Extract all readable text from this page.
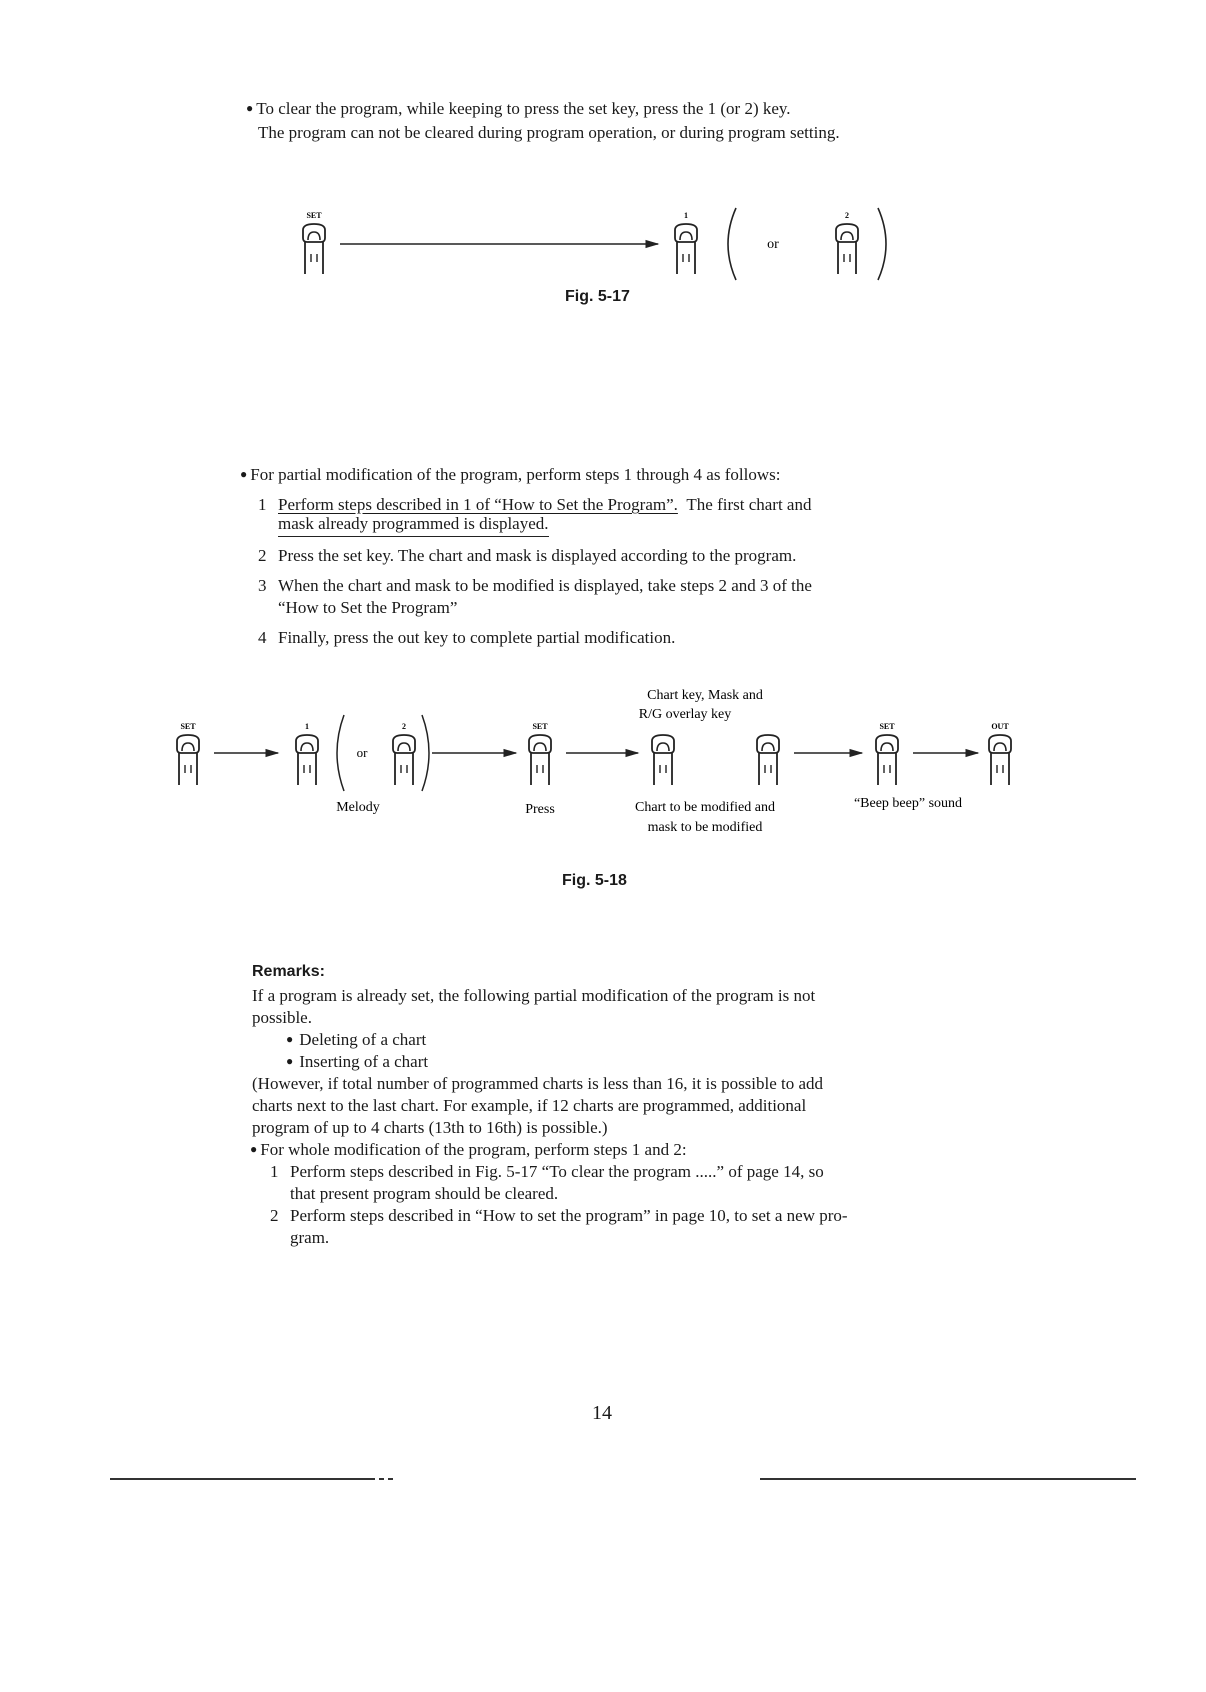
● To clear the program, while keeping to press the set key, press the 1 (or 2) key.
The program can not be cleared during program operation, or during program setting.
SET	1
or
2
Fig. 5-17
● For partial modification of the program, perform steps 1 through 4 as follows:
1 Perform steps described in 1 of “How to Set the Program”. The first chart and
mask already programmed is displayed.
2 Press the set key. The chart and mask is displayed according to the program.
3 When the chart and mask to be modified is displayed, take steps 2 and 3 of the
“How to Set the Program”
4 Finally, press the out key to complete partial modification.
Chart key, Mask and
R/G overlay key
SET	1
or
2	SET	SET	OUT
Melody	Press	Chart to be modified and
mask to be modified
“Beep beep” sound
Fig. 5-18
Remarks:
If a program is already set, the following partial modification of the program is not
possible.
● Deleting of a chart
● Inserting of a chart
(However, if total number of programmed charts is less than 16, it is possible to add
charts next to the last chart. For example, if 12 charts are programmed, additional
program of up to 4 charts (13th to 16th) is possible.)
● For whole modification of the program, perform steps 1 and 2:
1 Perform steps described in Fig. 5-17 “To clear the program .....” of page 14, so
that present program should be cleared.
2 Perform steps described in “How to set the program” in page 10, to set a new pro-
gram.
14
